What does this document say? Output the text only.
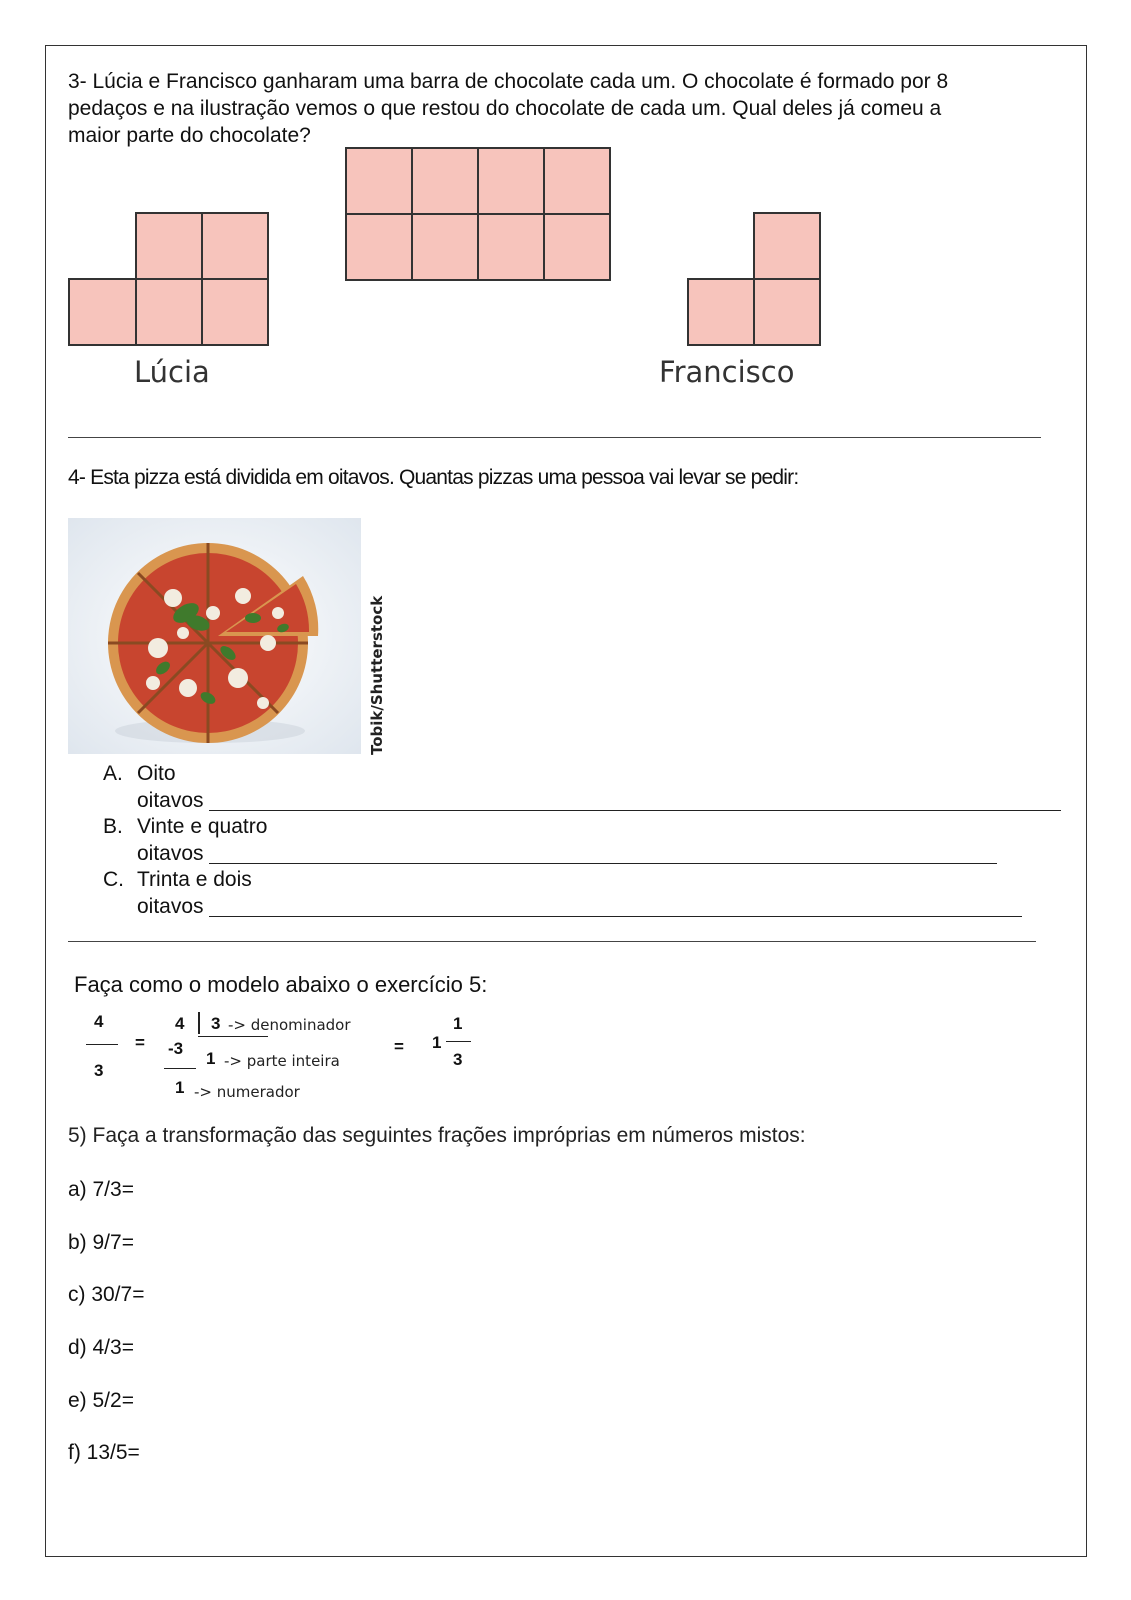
3- Lúcia e Francisco ganharam uma barra de chocolate cada um. O chocolate é formado por 8
pedaços e na ilustração vemos o que restou do chocolate de cada um. Qual deles já comeu a
maior parte do chocolate?
Lúcia	Francisco
4- Esta pizza está dividida em oitavos. Quantas pizzas uma pessoa vai levar se pedir:
Tobik/Shutterstock
A. Oito
oitavos
B. Vinte e quatro
oitavos
C. Trinta e dois
oitavos
Faça como o modelo abaixo o exercício 5:
4
3
=
4 3 -> denominador
-3
1 -> parte inteira
1 -> numerador
= 1
1
3
5) Faça a transformação das seguintes frações impróprias em números mistos:
a) 7/3=
b) 9/7=
c) 30/7=
d) 4/3=
e) 5/2=
f) 13/5=
